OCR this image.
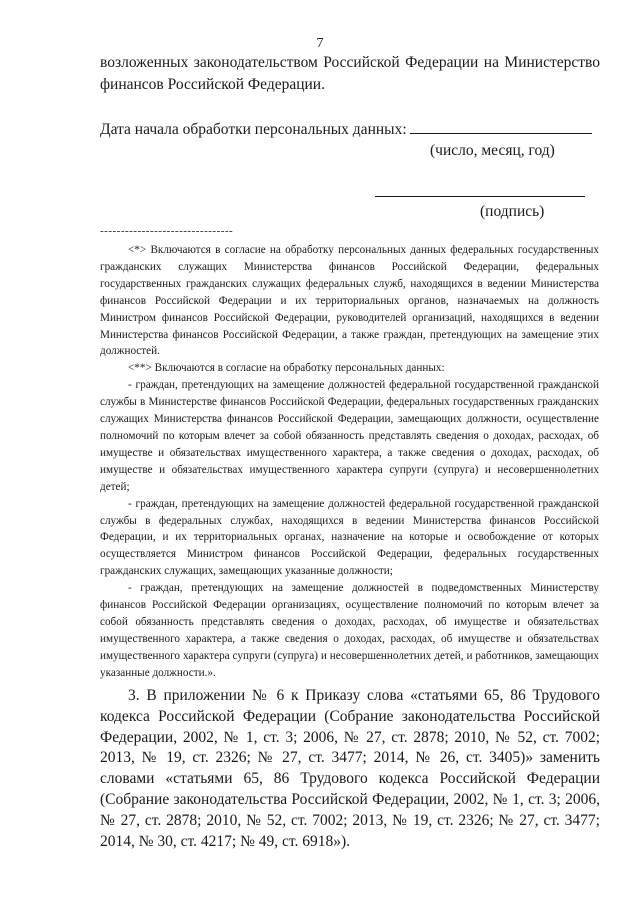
7
возложенных законодательством Российской Федерации на Министерство финансов Российской Федерации.
Дата начала обработки персональных данных:
(число, месяц, год)
(подпись)
--------------------------------

<*> Включаются в согласие на обработку персональных данных федеральных государственных гражданских служащих Министерства финансов Российской Федерации, федеральных государственных гражданских служащих федеральных служб, находящихся в ведении Министерства финансов Российской Федерации и их территориальных органов, назначаемых на должность Министром финансов Российской Федерации, руководителей организаций, находящихся в ведении Министерства финансов Российской Федерации, а также граждан, претендующих на замещение этих должностей.

<**> Включаются в согласие на обработку персональных данных:

- граждан, претендующих на замещение должностей федеральной государственной гражданской службы в Министерстве финансов Российской Федерации, федеральных государственных гражданских служащих Министерства финансов Российской Федерации, замещающих должности, осуществление полномочий по которым влечет за собой обязанность представлять сведения о доходах, расходах, об имуществе и обязательствах имущественного характера, а также сведения о доходах, расходах, об имуществе и обязательствах имущественного характера супруги (супруга) и несовершеннолетних детей;

- граждан, претендующих на замещение должностей федеральной государственной гражданской службы в федеральных службах, находящихся в ведении Министерства финансов Российской Федерации, и их территориальных органах, назначение на которые и освобождение от которых осуществляется Министром финансов Российской Федерации, федеральных государственных гражданских служащих, замещающих указанные должности;

- граждан, претендующих на замещение должностей в подведомственных Министерству финансов Российской Федерации организациях, осуществление полномочий по которым влечет за собой обязанность представлять сведения о доходах, расходах, об имуществе и обязательствах имущественного характера, а также сведения о доходах, расходах, об имуществе и обязательствах имущественного характера супруги (супруга) и несовершеннолетних детей, и работников, замещающих указанные должности.».

3. В приложении № 6 к Приказу слова «статьями 65, 86 Трудового кодекса Российской Федерации (Собрание законодательства Российской Федерации, 2002, № 1, ст. 3; 2006, № 27, ст. 2878; 2010, № 52, ст. 7002; 2013, № 19, ст. 2326; № 27, ст. 3477; 2014, № 26, ст. 3405)» заменить словами «статьями 65, 86 Трудового кодекса Российской Федерации (Собрание законодательства Российской Федерации, 2002, № 1, ст. 3; 2006, № 27, ст. 2878; 2010, № 52, ст. 7002; 2013, № 19, ст. 2326; № 27, ст. 3477; 2014, № 30, ст. 4217; № 49, ст. 6918»).
